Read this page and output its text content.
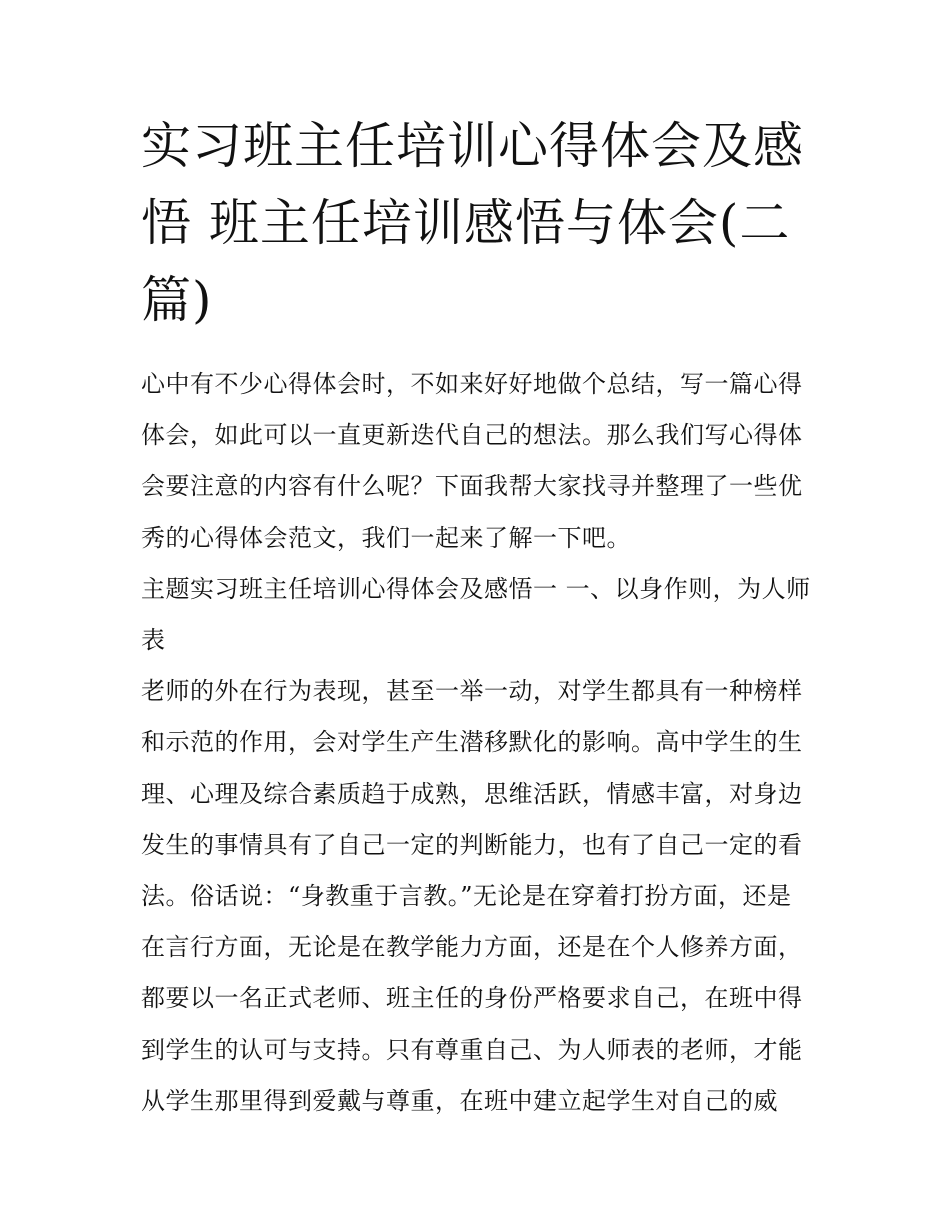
实习班主任培训心得体会及感悟 班主任培训感悟与体会(二篇)

心中有不少心得体会时，不如来好好地做个总结，写一篇心得体会，如此可以一直更新迭代自己的想法。那么我们写心得体会要注意的内容有什么呢？下面我帮大家找寻并整理了一些优秀的心得体会范文，我们一起来了解一下吧。

主题实习班主任培训心得体会及感悟一 一、以身作则，为人师表

老师的外在行为表现，甚至一举一动，对学生都具有一种榜样和示范的作用，会对学生产生潜移默化的影响。高中学生的生理、心理及综合素质趋于成熟，思维活跃，情感丰富，对身边发生的事情具有了自己一定的判断能力，也有了自己一定的看法。俗话说：“身教重于言教。”无论是在穿着打扮方面，还是在言行方面，无论是在教学能力方面，还是在个人修养方面，都要以一名正式老师、班主任的身份严格要求自己，在班中得到学生的认可与支持。只有尊重自己、为人师表的老师，才能从学生那里得到爱戴与尊重，在班中建立起学生对自己的威
